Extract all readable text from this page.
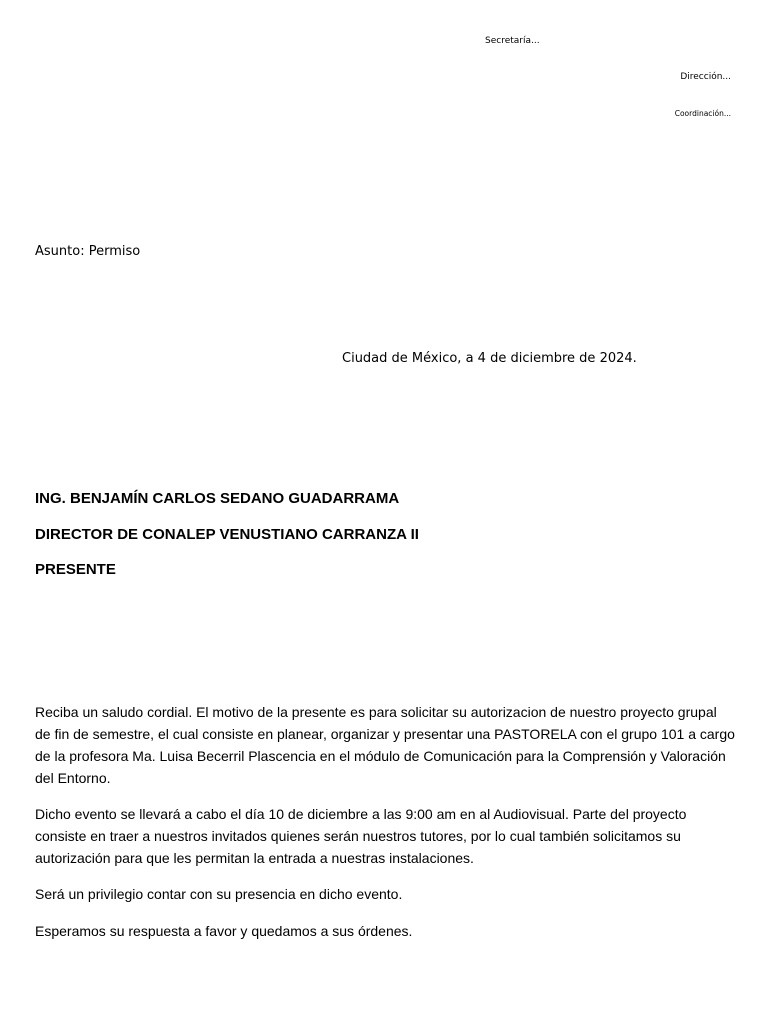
Secretaría...
Dirección...
Coordinación...
Asunto: Permiso
Ciudad de México, a 4 de diciembre de 2024.
ING. BENJAMÍN CARLOS SEDANO GUADARRAMA
DIRECTOR DE CONALEP VENUSTIANO CARRANZA II
PRESENTE
Reciba un saludo cordial. El motivo de la presente es para solicitar su autorizacion de nuestro proyecto grupal de fin de semestre, el cual consiste en planear, organizar y presentar una PASTORELA con el grupo 101 a cargo de la profesora Ma. Luisa Becerril Plascencia en el módulo de Comunicación para la Comprensión y Valoración del Entorno.
Dicho evento se llevará a cabo el día 10 de diciembre a las 9:00 am en al Audiovisual. Parte del proyecto consiste en traer a nuestros invitados quienes serán nuestros tutores, por lo cual también solicitamos su autorización para que les permitan la entrada a nuestras instalaciones.
Será un privilegio contar con su presencia en dicho evento.
Esperamos su respuesta a favor y quedamos a sus órdenes.
